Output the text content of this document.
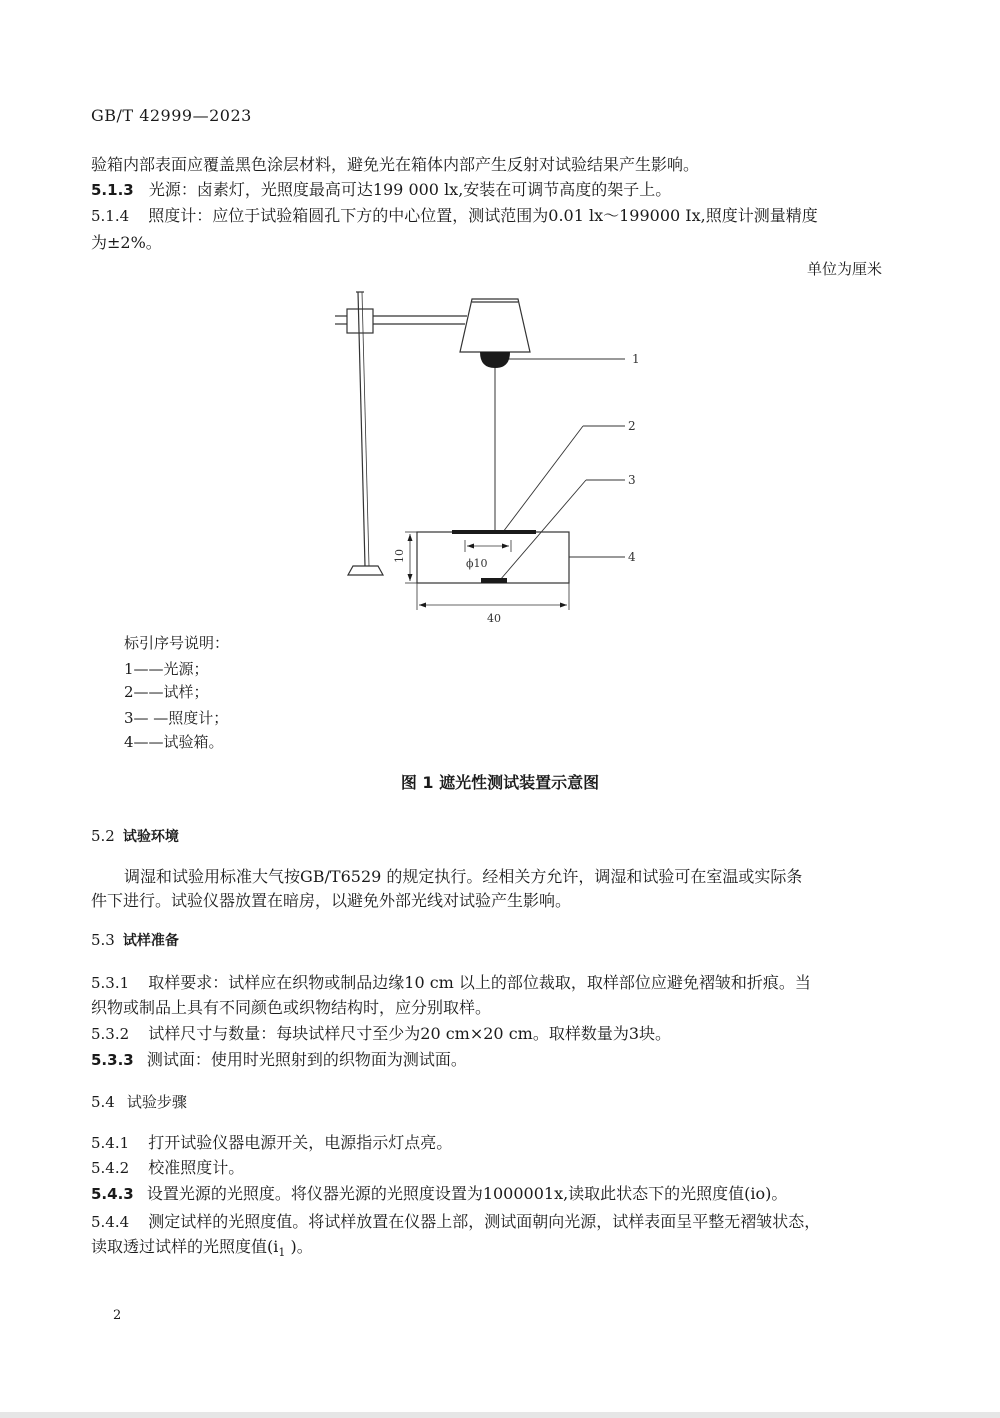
GB/T 42999—2023
验箱内部表面应覆盖黑色涂层材料，避免光在箱体内部产生反射对试验结果产生影响。
5.1.3 光源：卤素灯，光照度最高可达199 000 lx,安装在可调节高度的架子上。
5.1.4 照度计：应位于试验箱圆孔下方的中心位置，测试范围为0.01 lx～199000 Ix,照度计测量精度
为±2%。
单位为厘米
1
2
3
4
ϕ10
10
40
标引序号说明：
1——光源；
2——试样；
3— —照度计；
4——试验箱。
图 1 遮光性测试装置示意图
5.2 试验环境
调湿和试验用标准大气按GB/T6529 的规定执行。经相关方允许，调湿和试验可在室温或实际条
件下进行。试验仪器放置在暗房，以避免外部光线对试验产生影响。
5.3 试样准备
5.3.1 取样要求：试样应在织物或制品边缘10 cm 以上的部位裁取，取样部位应避免褶皱和折痕。当
织物或制品上具有不同颜色或织物结构时，应分别取样。
5.3.2 试样尺寸与数量：每块试样尺寸至少为20 cm×20 cm。取样数量为3块。
5.3.3 测试面：使用时光照射到的织物面为测试面。
5.4 试验步骤
5.4.1 打开试验仪器电源开关，电源指示灯点亮。
5.4.2 校准照度计。
5.4.3 设置光源的光照度。将仪器光源的光照度设置为1000001x,读取此状态下的光照度值(io)。
5.4.4 测定试样的光照度值。将试样放置在仪器上部，测试面朝向光源，试样表面呈平整无褶皱状态，
读取透过试样的光照度值($i_1$ )。
2
